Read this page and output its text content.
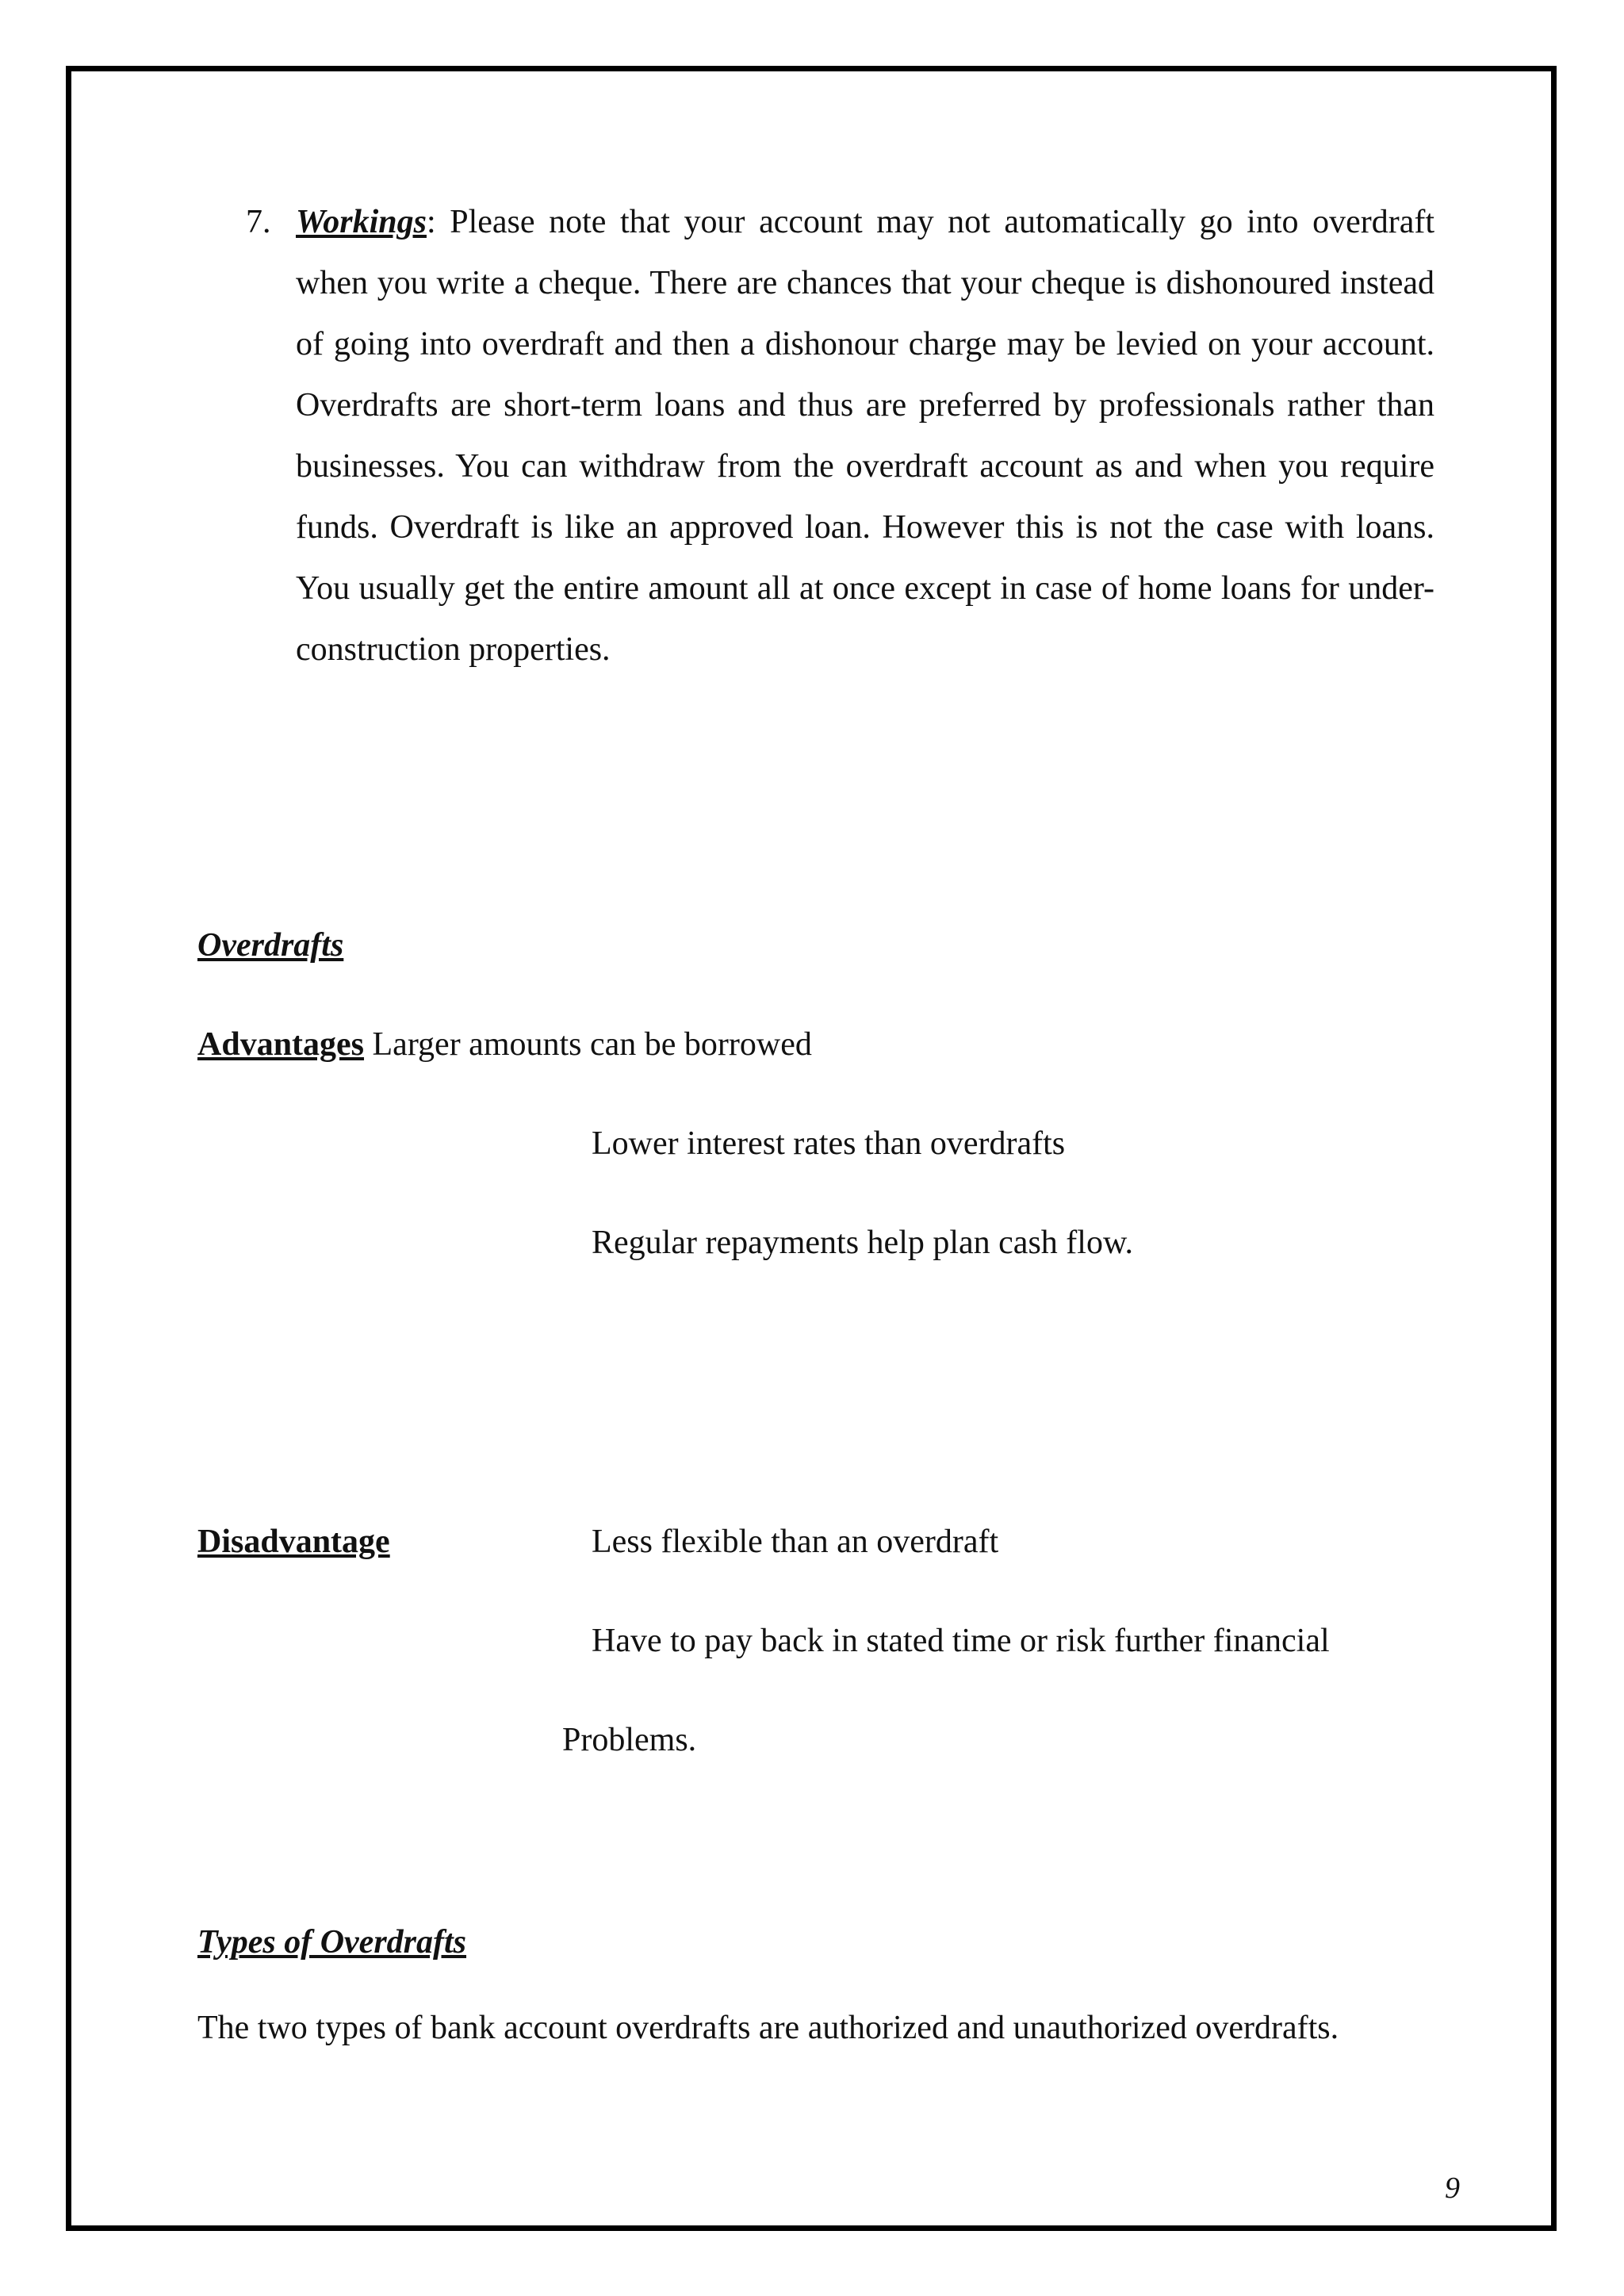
7. Workings: Please note that your account may not automatically go into overdraft when you write a cheque. There are chances that your cheque is dishonoured instead of going into overdraft and then a dishonour charge may be levied on your account. Overdrafts are short-term loans and thus are preferred by professionals rather than businesses. You can withdraw from the overdraft account as and when you require funds. Overdraft is like an approved loan. However this is not the case with loans. You usually get the entire amount all at once except in case of home loans for under-construction properties.
Overdrafts
Advantages Larger amounts can be borrowed
Lower interest rates than overdrafts
Regular repayments help plan cash flow.
Disadvantage	Less flexible than an overdraft
Have to pay back in stated time or risk further financial
Problems.
Types of Overdrafts
The two types of bank account overdrafts are authorized and unauthorized overdrafts.
9
